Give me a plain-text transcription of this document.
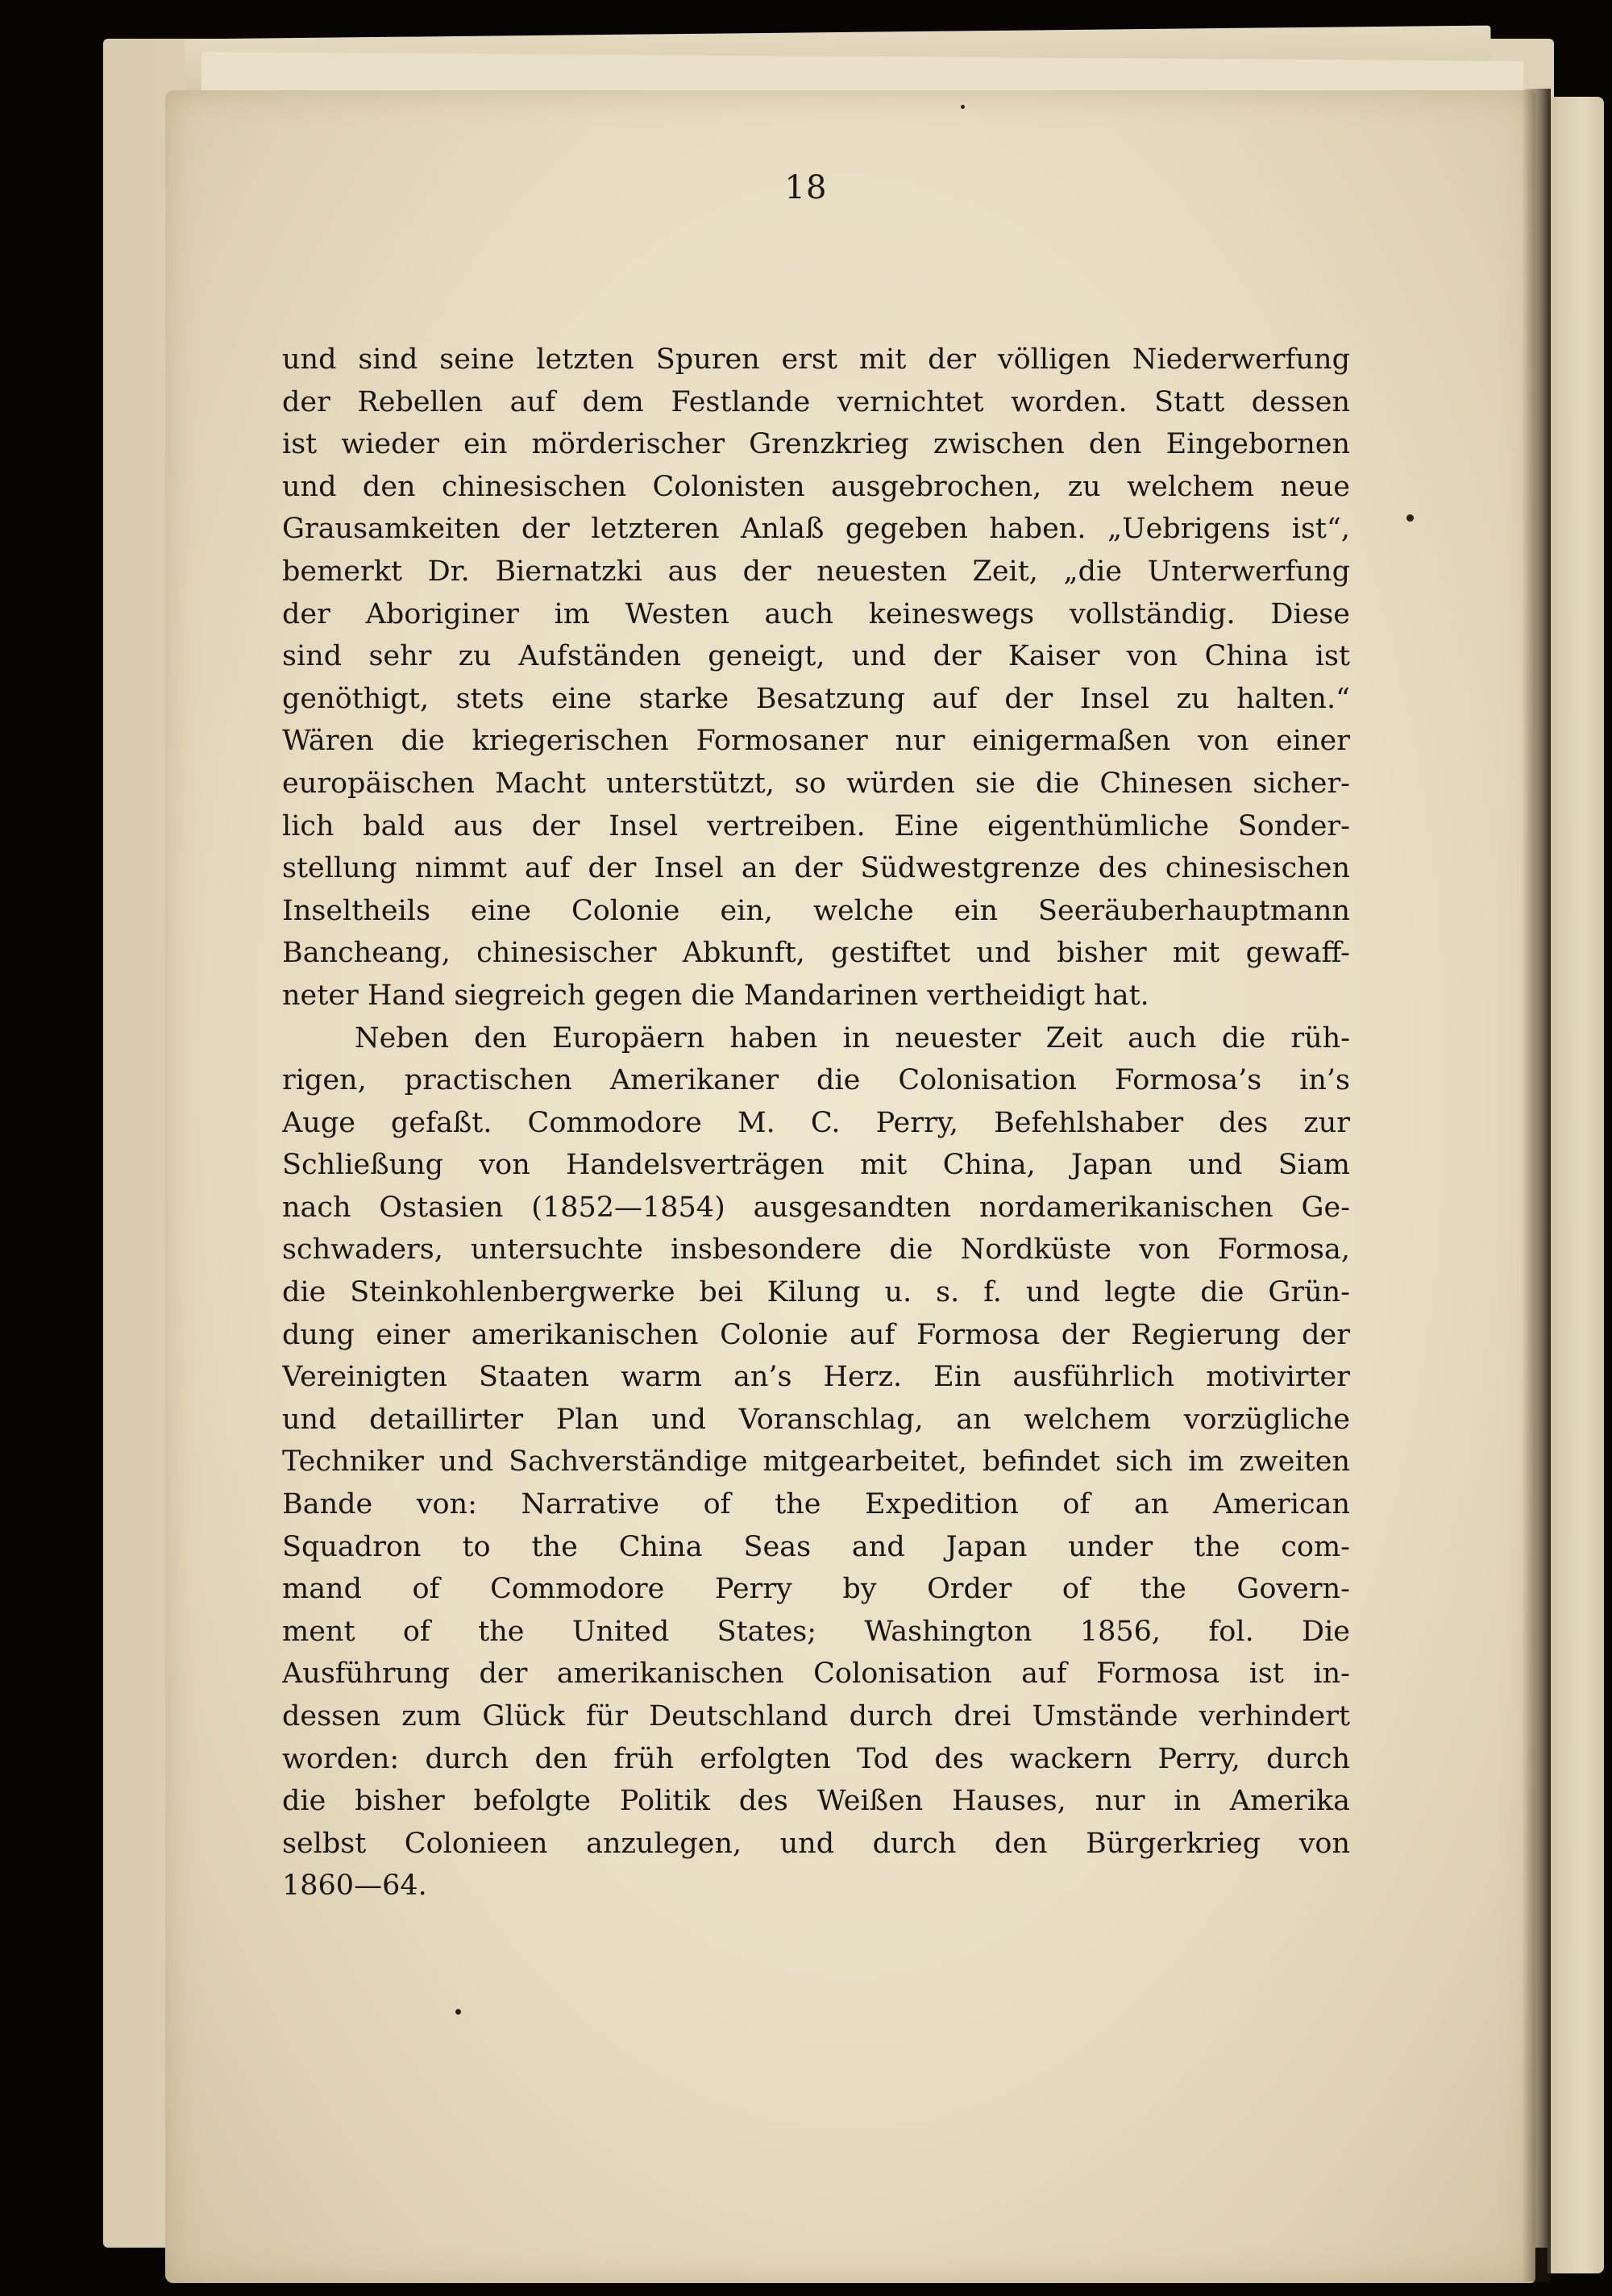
18
und sind seine letzten Spuren erst mit der völligen Niederwerfung
der Rebellen auf dem Festlande vernichtet worden. Statt dessen
ist wieder ein mörderischer Grenzkrieg zwischen den Eingebornen
und den chinesischen Colonisten ausgebrochen, zu welchem neue
Grausamkeiten der letzteren Anlaß gegeben haben. „Uebrigens ist“,
bemerkt Dr. Biernatzki aus der neuesten Zeit, „die Unterwerfung
der Aboriginer im Westen auch keineswegs vollständig. Diese
sind sehr zu Aufständen geneigt, und der Kaiser von China ist
genöthigt, stets eine starke Besatzung auf der Insel zu halten.“
Wären die kriegerischen Formosaner nur einigermaßen von einer
europäischen Macht unterstützt, so würden sie die Chinesen sicher-
lich bald aus der Insel vertreiben. Eine eigenthümliche Sonder-
stellung nimmt auf der Insel an der Südwestgrenze des chinesischen
Inseltheils eine Colonie ein, welche ein Seeräuberhauptmann
Bancheang, chinesischer Abkunft, gestiftet und bisher mit gewaff-
neter Hand siegreich gegen die Mandarinen vertheidigt hat.
Neben den Europäern haben in neuester Zeit auch die rüh-
rigen, practischen Amerikaner die Colonisation Formosa’s in’s
Auge gefaßt. Commodore M. C. Perry, Befehlshaber des zur
Schließung von Handelsverträgen mit China, Japan und Siam
nach Ostasien (1852—1854) ausgesandten nordamerikanischen Ge-
schwaders, untersuchte insbesondere die Nordküste von Formosa,
die Steinkohlenbergwerke bei Kilung u. s. f. und legte die Grün-
dung einer amerikanischen Colonie auf Formosa der Regierung der
Vereinigten Staaten warm an’s Herz. Ein ausführlich motivirter
und detaillirter Plan und Voranschlag, an welchem vorzügliche
Techniker und Sachverständige mitgearbeitet, befindet sich im zweiten
Bande von: Narrative of the Expedition of an American
Squadron to the China Seas and Japan under the com-
mand of Commodore Perry by Order of the Govern-
ment of the United States; Washington 1856, fol. Die
Ausführung der amerikanischen Colonisation auf Formosa ist in-
dessen zum Glück für Deutschland durch drei Umstände verhindert
worden: durch den früh erfolgten Tod des wackern Perry, durch
die bisher befolgte Politik des Weißen Hauses, nur in Amerika
selbst Colonieen anzulegen, und durch den Bürgerkrieg von
1860—64.
